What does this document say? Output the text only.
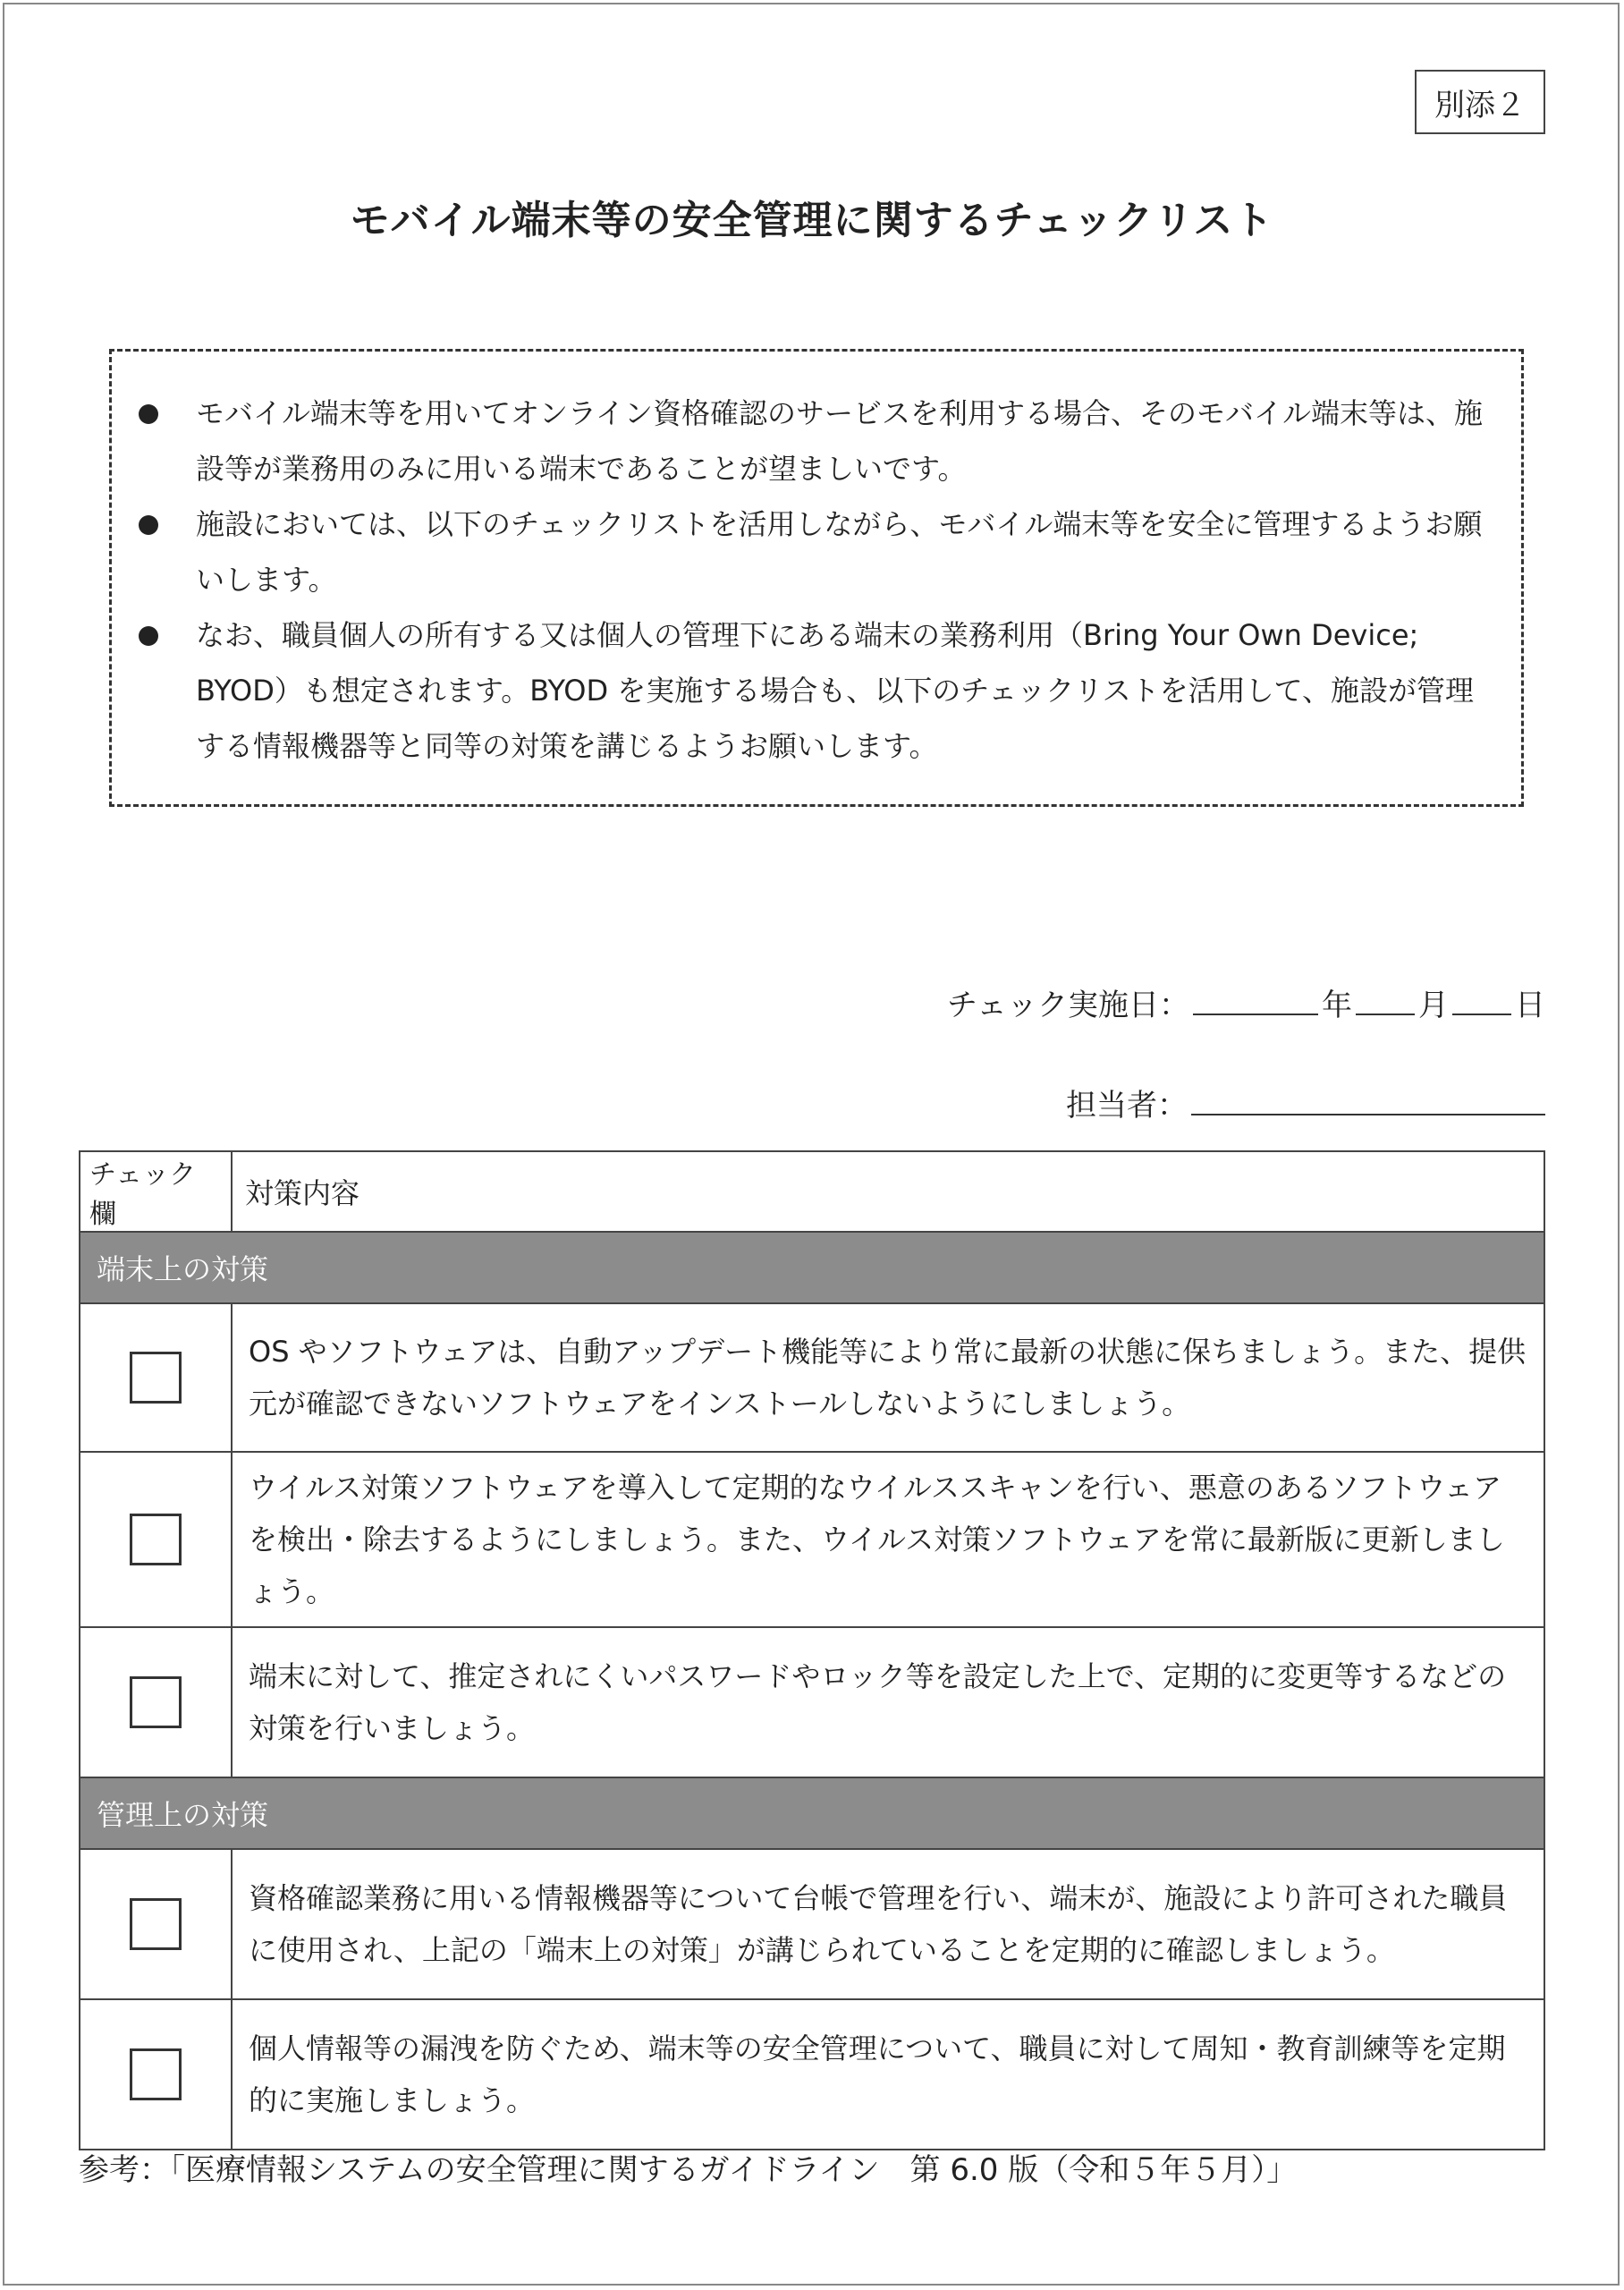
別添２
モバイル端末等の安全管理に関するチェックリスト
モバイル端末等を用いてオンライン資格確認のサービスを利用する場合、そのモバイル端末等は、施設等が業務用のみに用いる端末であることが望ましいです。
施設においては、以下のチェックリストを活用しながら、モバイル端末等を安全に管理するようお願いします。
なお、職員個人の所有する又は個人の管理下にある端末の業務利用（Bring Your Own Device; BYOD）も想定されます。BYOD を実施する場合も、以下のチェックリストを活用して、施設が管理する情報機器等と同等の対策を講じるようお願いします。
チェック実施日：	年 月 日
担当者：
チェック欄	対策内容
端末上の対策	
	OS やソフトウェアは、自動アップデート機能等により常に最新の状態に保ちましょう。また、提供元が確認できないソフトウェアをインストールしないようにしましょう。
	ウイルス対策ソフトウェアを導入して定期的なウイルススキャンを行い、悪意のあるソフトウェアを検出・除去するようにしましょう。また、ウイルス対策ソフトウェアを常に最新版に更新しましょう。
	端末に対して、推定されにくいパスワードやロック等を設定した上で、定期的に変更等するなどの対策を行いましょう。
管理上の対策	
	資格確認業務に用いる情報機器等について台帳で管理を行い、端末が、施設により許可された職員に使用され、上記の「端末上の対策」が講じられていることを定期的に確認しましょう。
	個人情報等の漏洩を防ぐため、端末等の安全管理について、職員に対して周知・教育訓練等を定期的に実施しましょう。
参考：「医療情報システムの安全管理に関するガイドライン　第 6.0 版（令和５年５月）」
